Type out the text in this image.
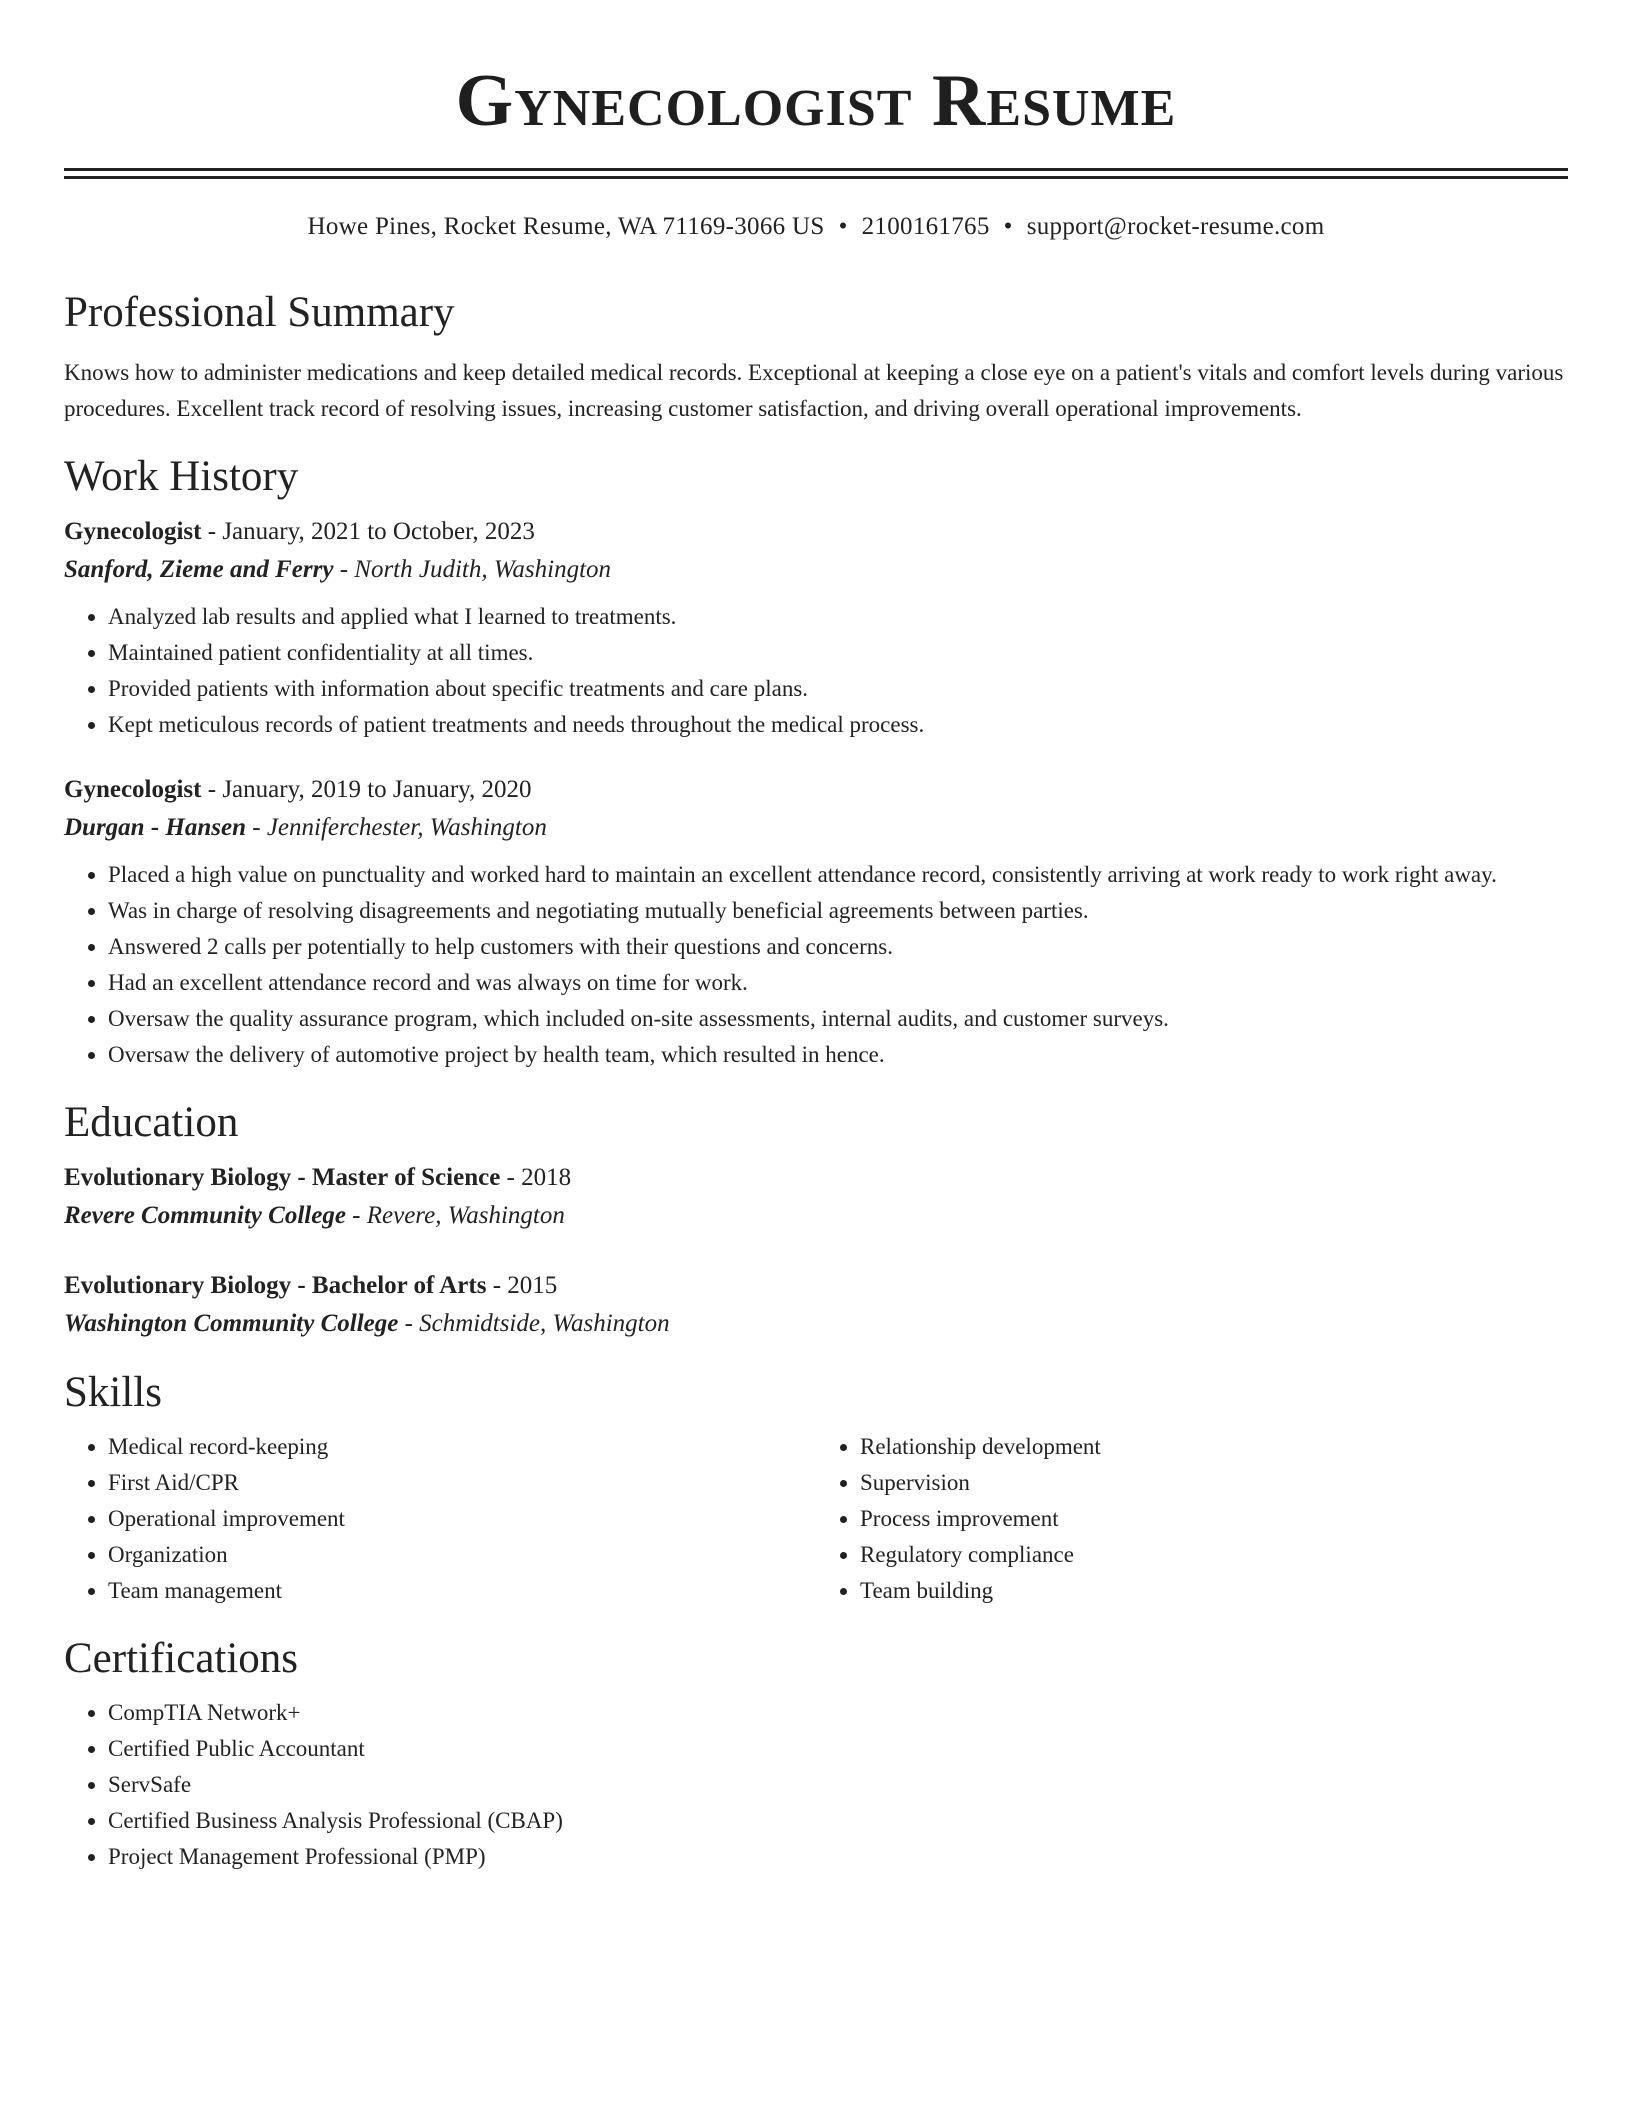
Gynecologist Resume
Howe Pines, Rocket Resume, WA 71169-3066 US • 2100161765 • support@rocket-resume.com
Professional Summary
Knows how to administer medications and keep detailed medical records. Exceptional at keeping a close eye on a patient's vitals and comfort levels during various procedures. Excellent track record of resolving issues, increasing customer satisfaction, and driving overall operational improvements.
Work History
Gynecologist - January, 2021 to October, 2023
Sanford, Zieme and Ferry - North Judith, Washington
• Analyzed lab results and applied what I learned to treatments.
• Maintained patient confidentiality at all times.
• Provided patients with information about specific treatments and care plans.
• Kept meticulous records of patient treatments and needs throughout the medical process.
Gynecologist - January, 2019 to January, 2020
Durgan - Hansen - Jenniferchester, Washington
• Placed a high value on punctuality and worked hard to maintain an excellent attendance record, consistently arriving at work ready to work right away.
• Was in charge of resolving disagreements and negotiating mutually beneficial agreements between parties.
• Answered 2 calls per potentially to help customers with their questions and concerns.
• Had an excellent attendance record and was always on time for work.
• Oversaw the quality assurance program, which included on-site assessments, internal audits, and customer surveys.
• Oversaw the delivery of automotive project by health team, which resulted in hence.
Education
Evolutionary Biology - Master of Science - 2018
Revere Community College - Revere, Washington
Evolutionary Biology - Bachelor of Arts - 2015
Washington Community College - Schmidtside, Washington
Skills
• Medical record-keeping
• First Aid/CPR
• Operational improvement
• Organization
• Team management
• Relationship development
• Supervision
• Process improvement
• Regulatory compliance
• Team building
Certifications
• CompTIA Network+
• Certified Public Accountant
• ServSafe
• Certified Business Analysis Professional (CBAP)
• Project Management Professional (PMP)
